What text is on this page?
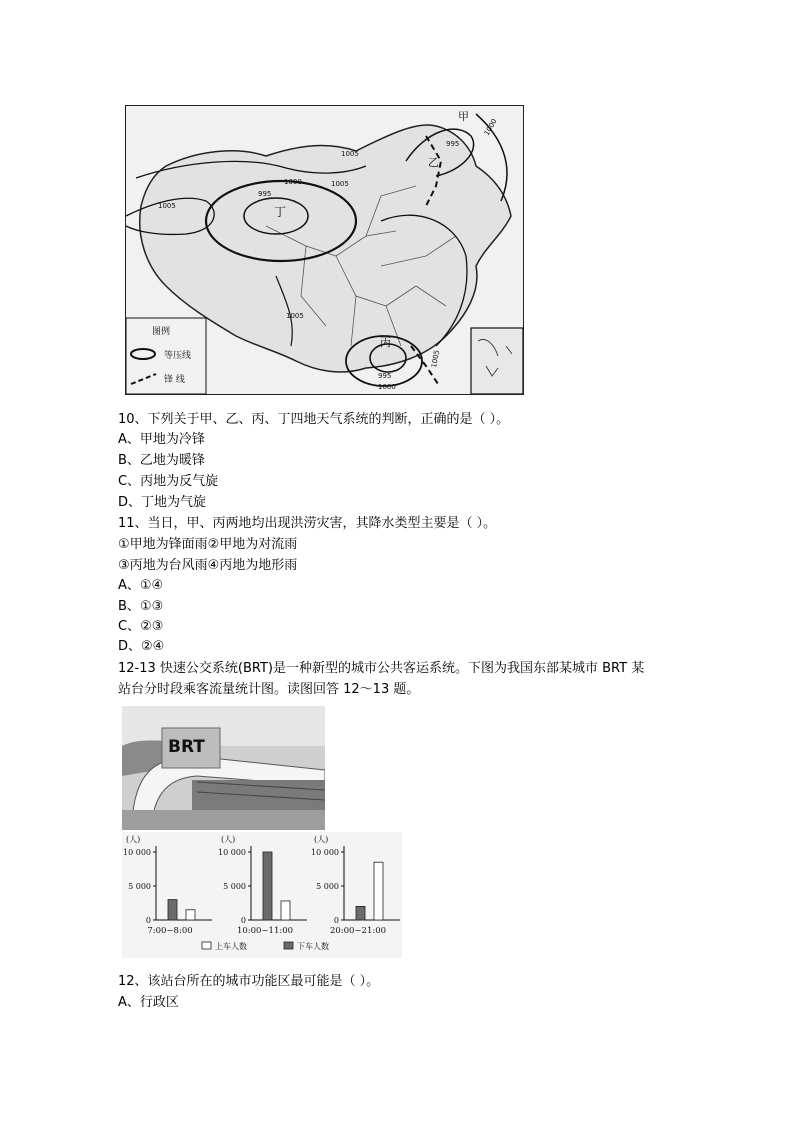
甲
乙
丙
丁
1000
995
1005
995
1000
1005
1005
1005
1005
995
1000
图例
等压线
锋 线
10、下列关于甲、乙、丙、丁四地天气系统的判断，正确的是（ ）。
A、甲地为冷锋
B、乙地为暖锋
C、丙地为反气旋
D、丁地为气旋
11、当日，甲、丙两地均出现洪涝灾害，其降水类型主要是（ ）。
①甲地为锋面雨②甲地为对流雨
③丙地为台风雨④丙地为地形雨
A、①④
B、①③
C、②③
D、②④
12-13 快速公交系统(BRT)是一种新型的城市公共客运系统。下图为我国东部某城市 BRT 某
站台分时段乘客流量统计图。读图回答 12～13 题。
BRT
(人)
10 000
5 000
0
7:00~8:00
(人)
10 000
5 000
0
10:00~11:00
(人)
10 000
5 000
0
20:00~21:00
上车人数	下车人数
12、该站台所在的城市功能区最可能是（ ）。
A、行政区
